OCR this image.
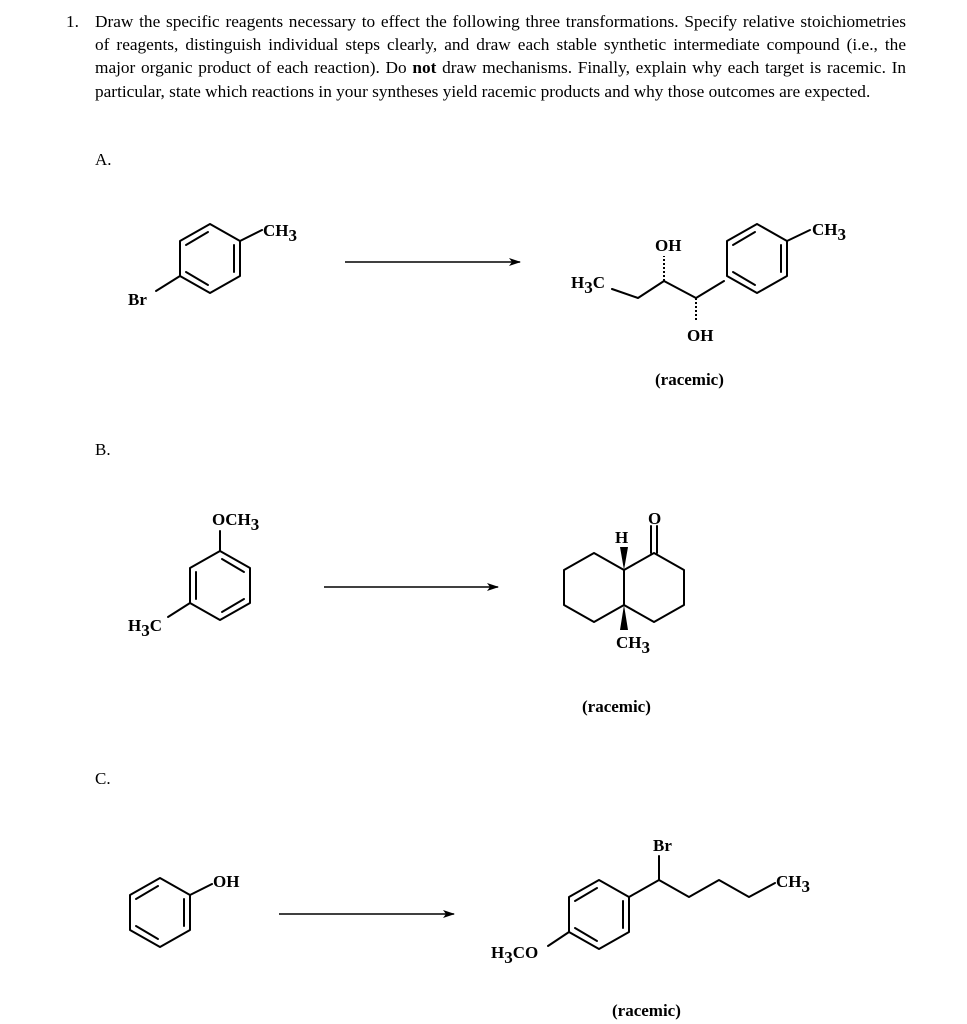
1. Draw the specific reagents necessary to effect the following three transformations. Specify relative stoichiometries of reagents, distinguish individual steps clearly, and draw each stable synthetic intermediate compound (i.e., the major organic product of each reaction). Do not draw mechanisms. Finally, explain why each target is racemic. In particular, state which reactions in your syntheses yield racemic products and why those outcomes are expected.
A.
B.
C.
Br
CH3
H3C
OH
OH
CH3
(racemic)
OCH3
H3C
H
O
CH3
(racemic)
OH
Br
CH3
H3CO
(racemic)
